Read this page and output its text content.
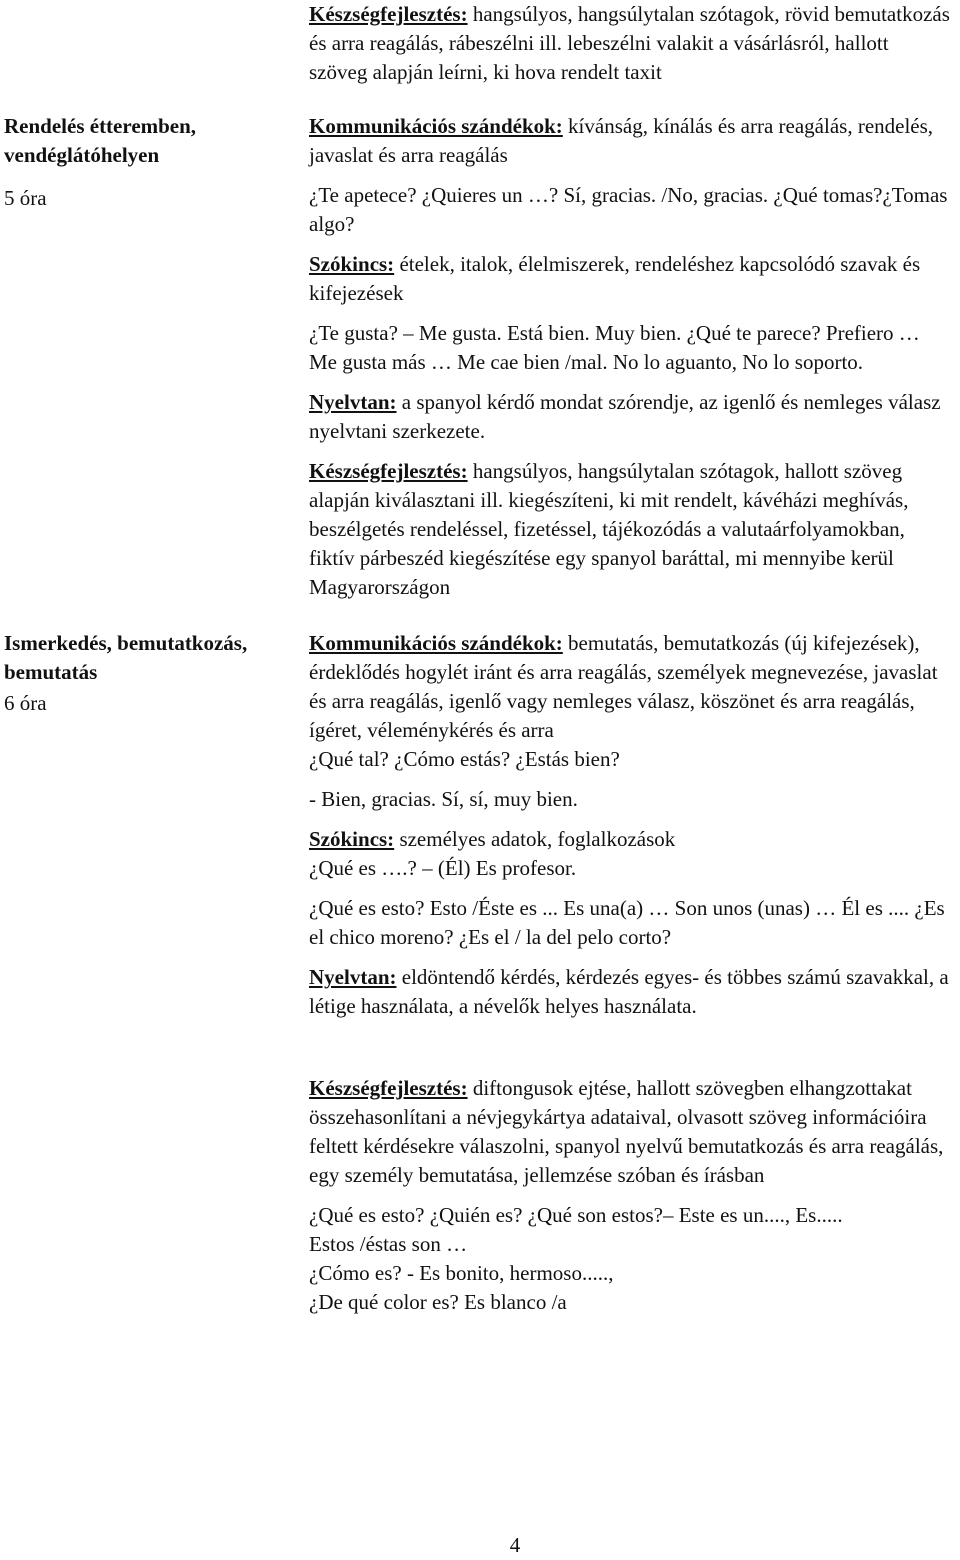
Készségfejlesztés: hangsúlyos, hangsúlytalan szótagok, rövid bemutatkozás és arra reagálás, rábeszélni ill. lebeszélni valakit a vásárlásról, hallott szöveg alapján leírni, ki hova rendelt taxit

Rendelés étteremben, vendéglátóhelyen
5 óra

Kommunikációs szándékok: kívánság, kínálás és arra reagálás, rendelés, javaslat és arra reagálás

¿Te apetece? ¿Quieres un …? Sí, gracias. /No, gracias. ¿Qué tomas?¿Tomas algo?

Szókincs: ételek, italok, élelmiszerek, rendeléshez kapcsolódó szavak és kifejezések

¿Te gusta? – Me gusta. Está bien. Muy bien. ¿Qué te parece? Prefiero … Me gusta más … Me cae bien /mal. No lo aguanto, No lo soporto.

Nyelvtan: a spanyol kérdő mondat szórendje, az igenlő és nemleges válasz nyelvtani szerkezete.

Készségfejlesztés: hangsúlyos, hangsúlytalan szótagok, hallott szöveg alapján kiválasztani ill. kiegészíteni, ki mit rendelt, kávéházi meghívás, beszélgetés rendeléssel, fizetéssel, tájékozódás a valutaárfolyamokban, fiktív párbeszéd kiegészítése egy spanyol baráttal, mi mennyibe kerül Magyarországon

Ismerkedés, bemutatkozás, bemutatás
6 óra

Kommunikációs szándékok: bemutatás, bemutatkozás (új kifejezések), érdeklődés hogylét iránt és arra reagálás, személyek megnevezése, javaslat és arra reagálás, igenlő vagy nemleges válasz, köszönet és arra reagálás, ígéret, véleménykérés és arra

¿Qué tal? ¿Cómo estás? ¿Estás bien?

- Bien, gracias. Sí, sí, muy bien.

Szókincs: személyes adatok, foglalkozások

¿Qué es ….? – (Él) Es profesor.

¿Qué es esto? Esto /Éste es ... Es una(a) … Son unos (unas) … Él es .... ¿Es el chico moreno? ¿Es el / la del pelo corto?

Nyelvtan: eldöntendő kérdés, kérdezés egyes- és többes számú szavakkal, a létige használata, a névelők helyes használata.

Készségfejlesztés: diftongusok ejtése, hallott szövegben elhangzottakat összehasonlítani a névjegykártya adataival, olvasott szöveg információira feltett kérdésekre válaszolni, spanyol nyelvű bemutatkozás és arra reagálás, egy személy bemutatása, jellemzése szóban és írásban

¿Qué es esto? ¿Quién es? ¿Qué son estos?– Este es un...., Es.....

Estos /éstas son …

¿Cómo es? - Es bonito, hermoso.....,

¿De qué color es? Es blanco /a

4
